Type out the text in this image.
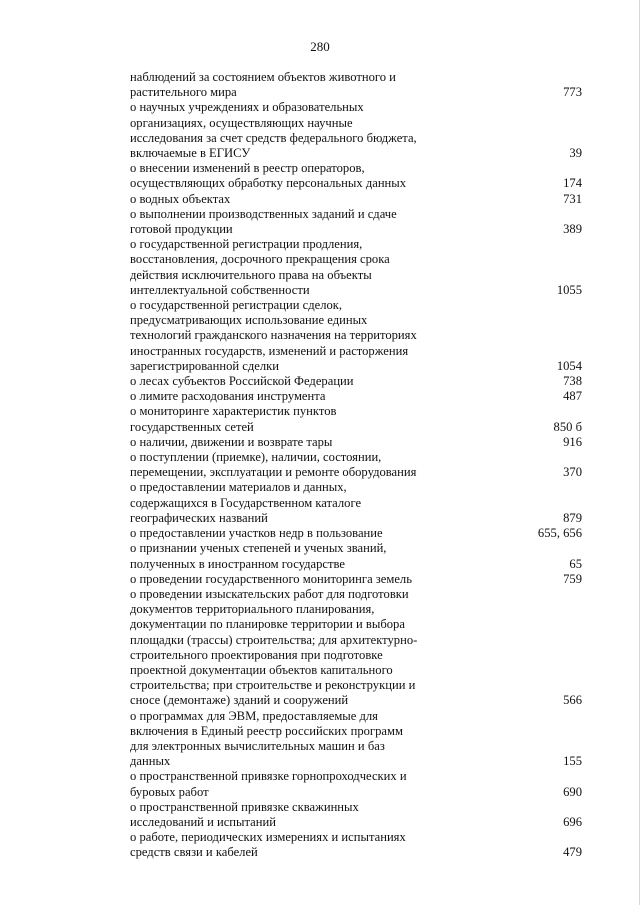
280
наблюдений за состоянием объектов животного и
растительного мира	773
о научных учреждениях и образовательных
организациях, осуществляющих научные
исследования за счет средств федерального бюджета,
включаемые в ЕГИСУ	39
о внесении изменений в реестр операторов,
осуществляющих обработку персональных данных	174
о водных объектах	731
о выполнении производственных заданий и сдаче
готовой продукции	389
о государственной регистрации продления,
восстановления, досрочного прекращения срока
действия исключительного права на объекты
интеллектуальной собственности	1055
о государственной регистрации сделок,
предусматривающих использование единых
технологий гражданского назначения на территориях
иностранных государств, изменений и расторжения
зарегистрированной сделки	1054
о лесах субъектов Российской Федерации	738
о лимите расходования инструмента	487
о мониторинге характеристик пунктов
государственных сетей	850 б
о наличии, движении и возврате тары	916
о поступлении (приемке), наличии, состоянии,
перемещении, эксплуатации и ремонте оборудования	370
о предоставлении материалов и данных,
содержащихся в Государственном каталоге
географических названий	879
о предоставлении участков недр в пользование	655, 656
о признании ученых степеней и ученых званий,
полученных в иностранном государстве	65
о проведении государственного мониторинга земель	759
о проведении изыскательских работ для подготовки
документов территориального планирования,
документации по планировке территории и выбора
площадки (трассы) строительства; для архитектурно-
строительного проектирования при подготовке
проектной документации объектов капитального
строительства; при строительстве и реконструкции и
сносе (демонтаже) зданий и сооружений	566
о программах для ЭВМ, предоставляемые для
включения в Единый реестр российских программ
для электронных вычислительных машин и баз
данных	155
о пространственной привязке горнопроходческих и
буровых работ	690
о пространственной привязке скважинных
исследований и испытаний	696
о работе, периодических измерениях и испытаниях
средств связи и кабелей	479
